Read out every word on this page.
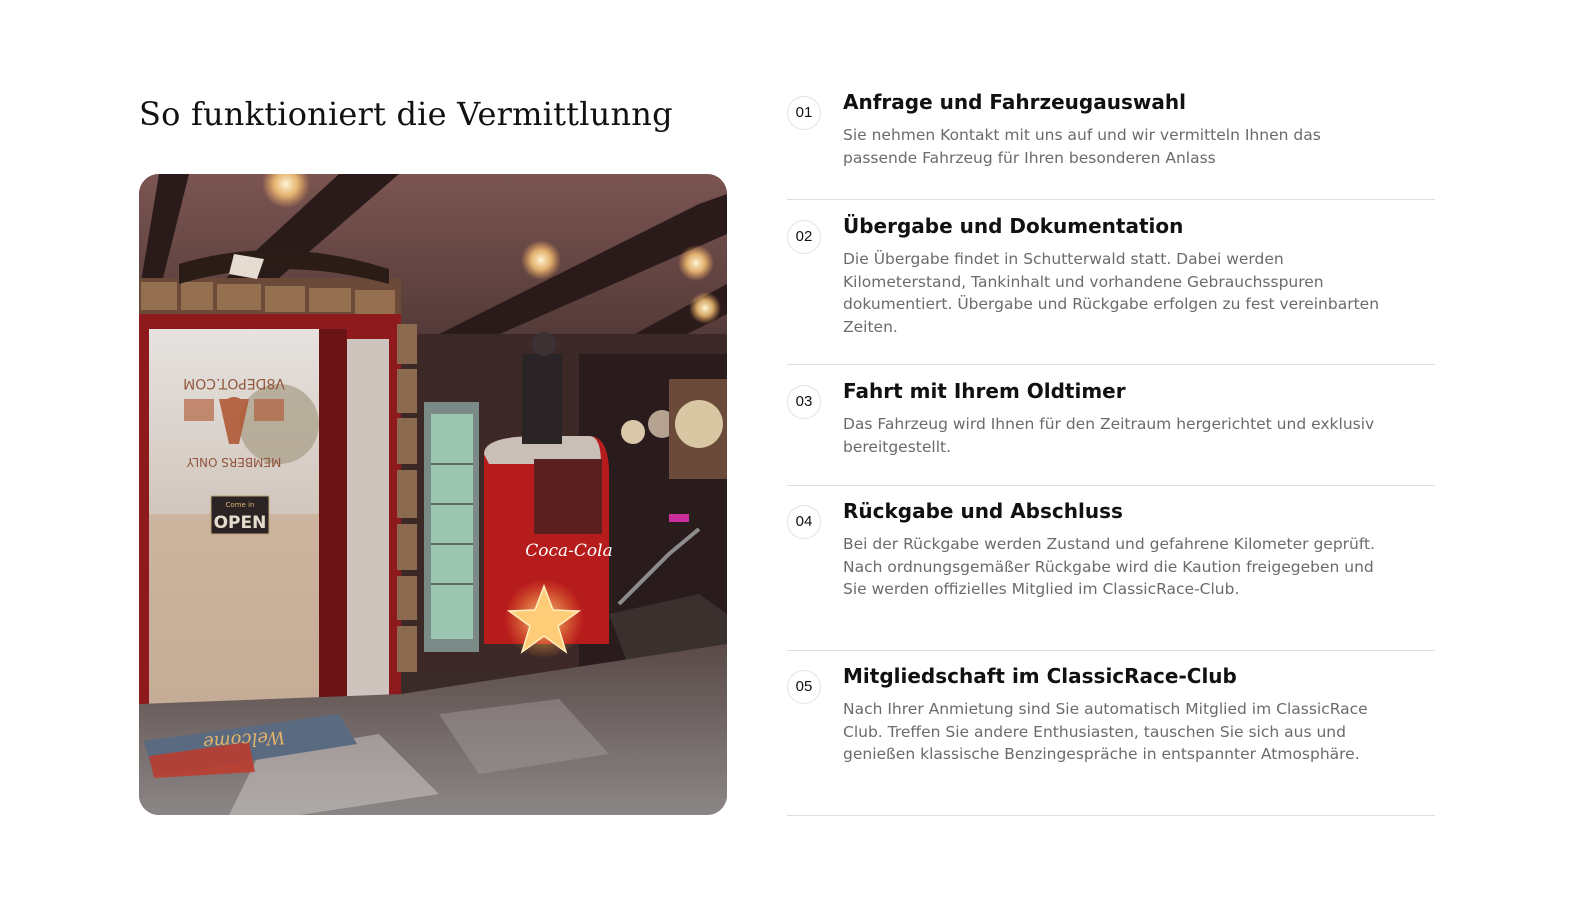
So funktioniert die Vermittlunng
V8DEPOT.COM
MEMBERS ONLY
Come in
OPEN
Coca-Cola
Welcome
01	Anfrage und Fahrzeugauswahl

Sie nehmen Kontakt mit uns auf und wir vermitteln Ihnen das passende Fahrzeug für Ihren besonderen Anlass

02	Übergabe und Dokumentation

Die Übergabe findet in Schutterwald statt. Dabei werden Kilometerstand, Tankinhalt und vorhandene Gebrauchsspuren dokumentiert. Übergabe und Rückgabe erfolgen zu fest vereinbarten Zeiten.

03	Fahrt mit Ihrem Oldtimer

Das Fahrzeug wird Ihnen für den Zeitraum hergerichtet und exklusiv bereitgestellt.

04	Rückgabe und Abschluss

Bei der Rückgabe werden Zustand und gefahrene Kilometer geprüft. Nach ordnungsgemäßer Rückgabe wird die Kaution freigegeben und Sie werden offizielles Mitglied im ClassicRace-Club.

05	Mitgliedschaft im ClassicRace-Club

Nach Ihrer Anmietung sind Sie automatisch Mitglied im ClassicRace Club. Treffen Sie andere Enthusiasten, tauschen Sie sich aus und genießen klassische Benzingespräche in entspannter Atmosphäre.
